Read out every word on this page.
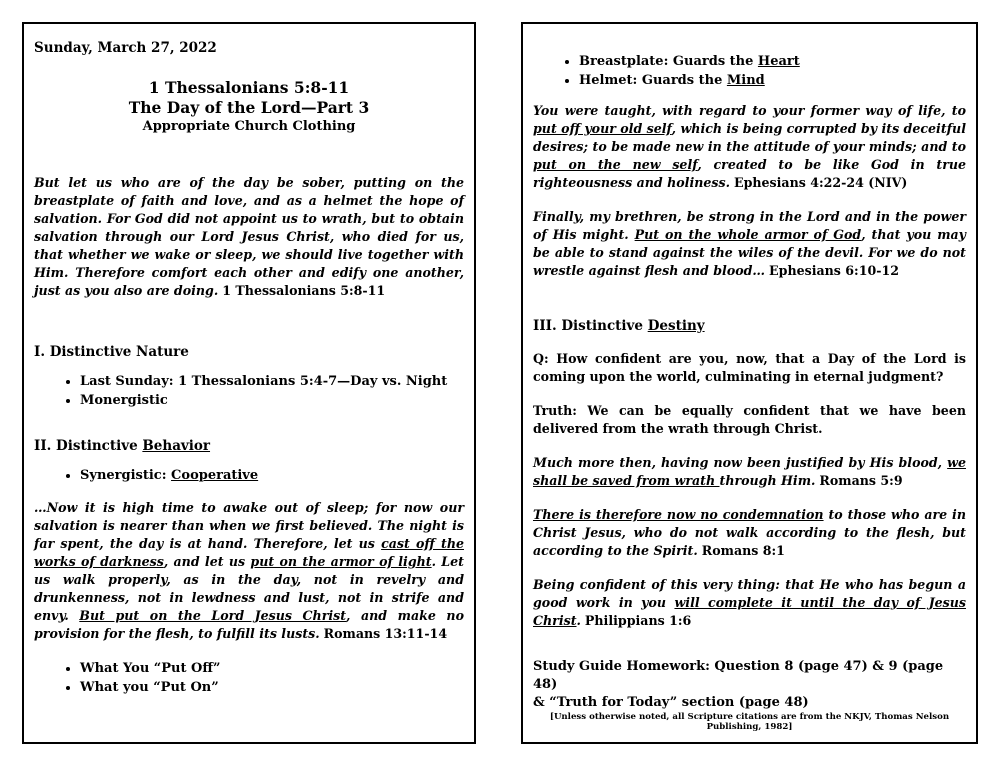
Sunday, March 27, 2022

1 Thessalonians 5:8-11
The Day of the Lord—Part 3
Appropriate Church Clothing

But let us who are of the day be sober, putting on the breastplate of faith and love, and as a helmet the hope of salvation. For God did not appoint us to wrath, but to obtain salvation through our Lord Jesus Christ, who died for us, that whether we wake or sleep, we should live together with Him. Therefore comfort each other and edify one another, just as you also are doing. 1 Thessalonians 5:8-11

I. Distinctive Nature

• Last Sunday: 1 Thessalonians 5:4-7—Day vs. Night
• Monergistic

II. Distinctive Behavior

• Synergistic: Cooperative

…Now it is high time to awake out of sleep; for now our salvation is nearer than when we first believed. The night is far spent, the day is at hand. Therefore, let us cast off the works of darkness, and let us put on the armor of light. Let us walk properly, as in the day, not in revelry and drunkenness, not in lewdness and lust, not in strife and envy. But put on the Lord Jesus Christ, and make no provision for the flesh, to fulfill its lusts. Romans 13:11-14

• What You “Put Off”
• What you “Put On”
• Breastplate: Guards the Heart
• Helmet: Guards the Mind

You were taught, with regard to your former way of life, to put off your old self, which is being corrupted by its deceitful desires; to be made new in the attitude of your minds; and to put on the new self, created to be like God in true righteousness and holiness. Ephesians 4:22-24 (NIV)

Finally, my brethren, be strong in the Lord and in the power of His might. Put on the whole armor of God, that you may be able to stand against the wiles of the devil. For we do not wrestle against flesh and blood… Ephesians 6:10-12

III. Distinctive Destiny

Q: How confident are you, now, that a Day of the Lord is coming upon the world, culminating in eternal judgment?

Truth: We can be equally confident that we have been delivered from the wrath through Christ.

Much more then, having now been justified by His blood, we shall be saved from wrath through Him. Romans 5:9

There is therefore now no condemnation to those who are in Christ Jesus, who do not walk according to the flesh, but according to the Spirit. Romans 8:1

Being confident of this very thing: that He who has begun a good work in you will complete it until the day of Jesus Christ. Philippians 1:6

Study Guide Homework: Question 8 (page 47) & 9 (page 48)
& “Truth for Today” section (page 48)
[Unless otherwise noted, all Scripture citations are from the NKJV, Thomas Nelson Publishing, 1982]
